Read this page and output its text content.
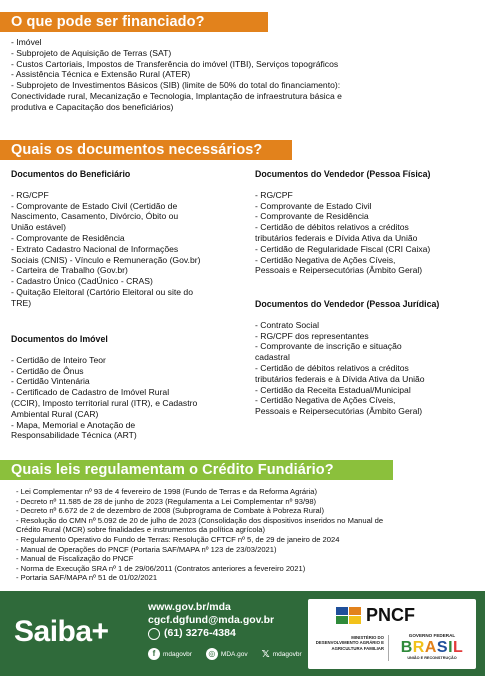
O que pode ser financiado?
- Imóvel
- Subprojeto de Aquisição de Terras (SAT)
- Custos Cartoriais, Impostos de Transferência do imóvel (ITBI), Serviços topográficos
- Assistência Técnica e Extensão Rural (ATER)
- Subprojeto de Investimentos Básicos (SIB) (limite de 50% do total do financiamento):
Conectividade rural, Mecanização e Tecnologia, Implantação de infraestrutura básica e
produtiva e Capacitação dos beneficiários)
Quais os documentos necessários?
Documentos do Beneficiário
- RG/CPF
- Comprovante de Estado Civil (Certidão de
Nascimento, Casamento, Divórcio, Óbito ou
União estável)
- Comprovante de Residência
- Extrato Cadastro Nacional de Informações
Sociais (CNIS) - Vínculo e Remuneração (Gov.br)
- Carteira de Trabalho (Gov.br)
- Cadastro Único (CadÚnico - CRAS)
- Quitação Eleitoral (Cartório Eleitoral ou site do
TRE)
Documentos do Imóvel
- Certidão de Inteiro Teor
- Certidão de Ônus
- Certidão Vintenária
- Certificado de Cadastro de Imóvel Rural
(CCIR), Imposto territorial rural (ITR), e Cadastro
Ambiental Rural (CAR)
- Mapa, Memorial e Anotação de
Responsabilidade Técnica (ART)
Documentos do Vendedor (Pessoa Física)
- RG/CPF
- Comprovante de Estado Civil
- Comprovante de Residência
- Certidão de débitos relativos a créditos
tributários federais e Dívida Ativa da União
- Certidão de Regularidade Fiscal (CRI Caixa)
- Certidão Negativa de Ações Cíveis,
Pessoais e Reipersecutórias (Âmbito Geral)
Documentos do Vendedor (Pessoa Jurídica)
- Contrato Social
- RG/CPF dos representantes
- Comprovante de inscrição e situação
cadastral
- Certidão de débitos relativos a créditos
tributários federais e à Dívida Ativa da União
- Certidão da Receita Estadual/Municipal
- Certidão Negativa de Ações Cíveis,
Pessoais e Reipersecutórias (Âmbito Geral)
Quais leis regulamentam o Crédito Fundiário?
- Lei Complementar nº 93 de 4 fevereiro de 1998 (Fundo de Terras e da Reforma Agrária)
- Decreto nº 11.585 de 28 de junho de 2023 (Regulamenta a Lei Complementar nº 93/98)
- Decreto nº 6.672 de 2 de dezembro de 2008 (Subprograma de Combate à Pobreza Rural)
- Resolução do CMN nº 5.092 de 20 de julho de 2023 (Consolidação dos dispositivos inseridos no Manual de
Crédito Rural (MCR) sobre finalidades e instrumentos da política agrícola)
- Regulamento Operativo do Fundo de Terras: Resolução CFTCF nº 5, de 29 de janeiro de 2024
- Manual de Operações do PNCF (Portaria SAF/MAPA nº 123 de 23/03/2021)
- Manual de Fiscalização do PNCF
- Norma de Execução SRA nº 1 de 29/06/2011 (Contratos anteriores a fevereiro 2021)
- Portaria SAF/MAPA nº 51 de 01/02/2021
Saiba+
www.gov.br/mda
cgcf.dgfund@mda.gov.br
(61) 3276-4384
f	mdagovbr	◎ MDA.gov 𝕏 mdagovbr
PNCF
MINISTÉRIO DO DESENVOLVIMENTO AGRÁRIO E AGRICULTURA FAMILIAR
GOVERNO FEDERAL
BRASIL
UNIÃO E RECONSTRUÇÃO
